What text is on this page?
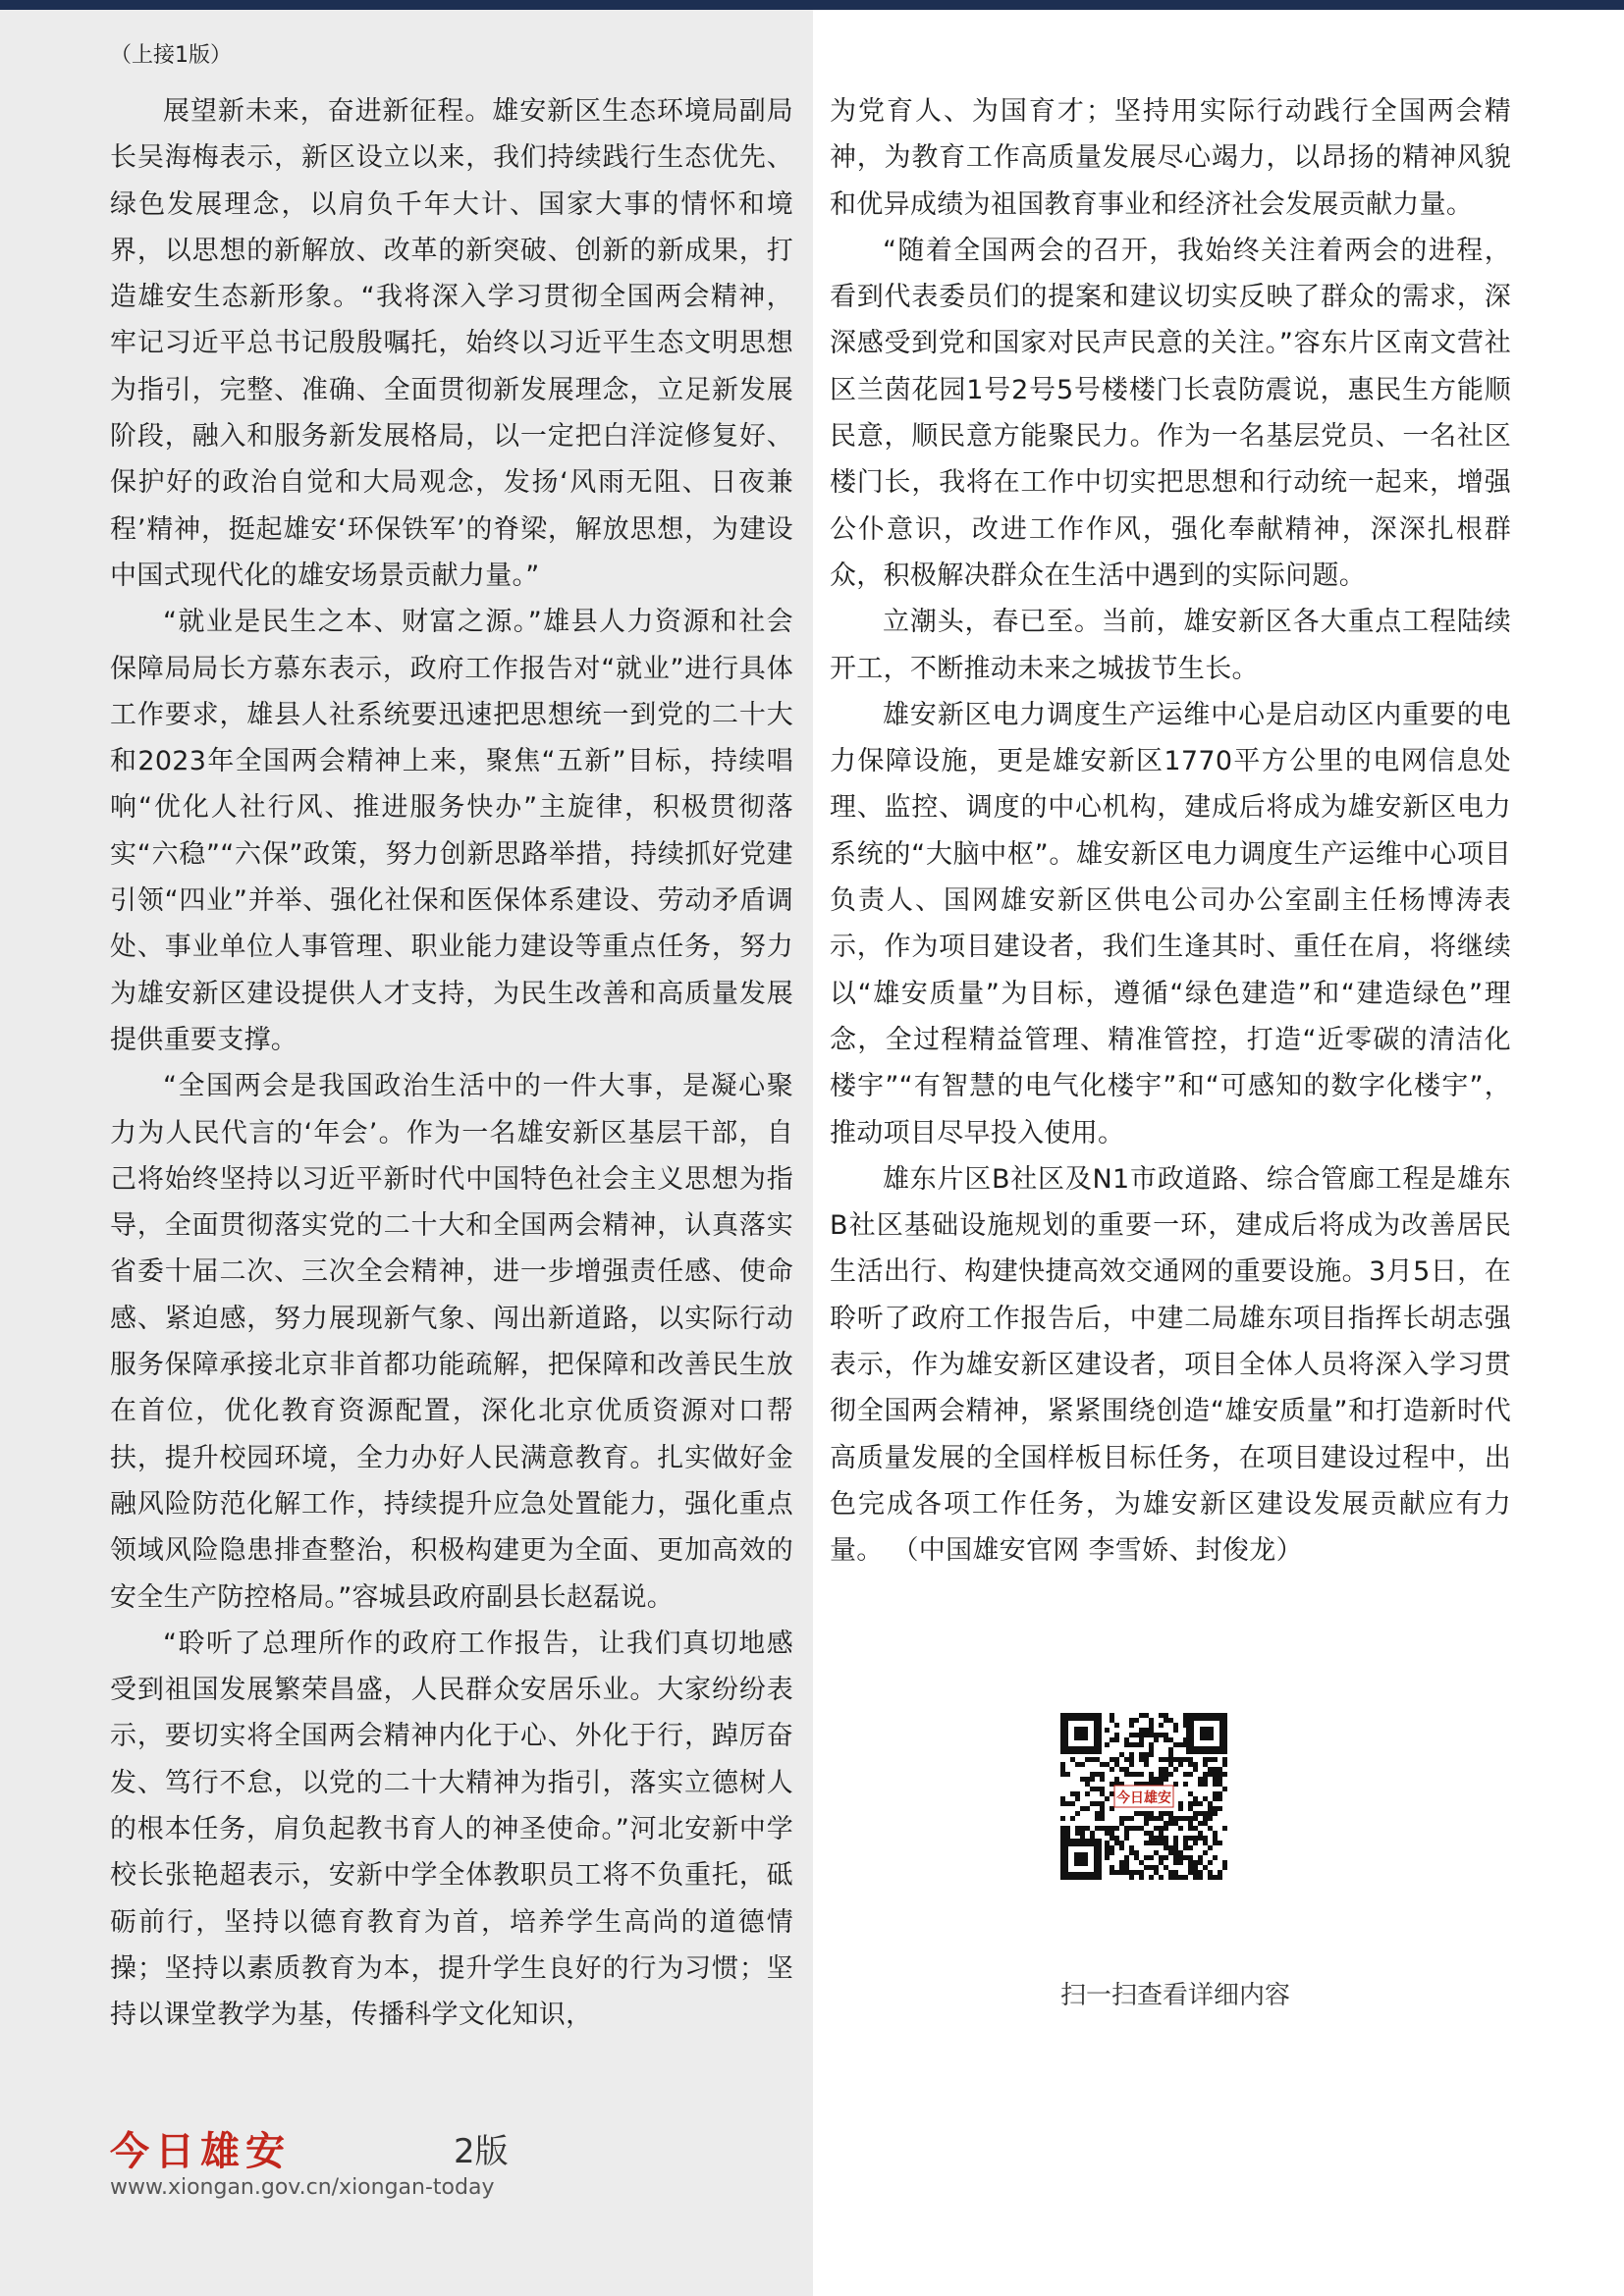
（上接1版）

展望新未来，奋进新征程。雄安新区生态环境局副局长吴海梅表示，新区设立以来，我们持续践行生态优先、绿色发展理念，以肩负千年大计、国家大事的情怀和境界，以思想的新解放、改革的新突破、创新的新成果，打造雄安生态新形象。“我将深入学习贯彻全国两会精神，牢记习近平总书记殷殷嘱托，始终以习近平生态文明思想为指引，完整、准确、全面贯彻新发展理念，立足新发展阶段，融入和服务新发展格局，以一定把白洋淀修复好、保护好的政治自觉和大局观念，发扬‘风雨无阻、日夜兼程’精神，挺起雄安‘环保铁军’的脊梁，解放思想，为建设中国式现代化的雄安场景贡献力量。”

“就业是民生之本、财富之源。”雄县人力资源和社会保障局局长方慕东表示，政府工作报告对“就业”进行具体工作要求，雄县人社系统要迅速把思想统一到党的二十大和2023年全国两会精神上来，聚焦“五新”目标，持续唱响“优化人社行风、推进服务快办”主旋律，积极贯彻落实“六稳”“六保”政策，努力创新思路举措，持续抓好党建引领“四业”并举、强化社保和医保体系建设、劳动矛盾调处、事业单位人事管理、职业能力建设等重点任务，努力为雄安新区建设提供人才支持，为民生改善和高质量发展提供重要支撑。

“全国两会是我国政治生活中的一件大事，是凝心聚力为人民代言的‘年会’。作为一名雄安新区基层干部，自己将始终坚持以习近平新时代中国特色社会主义思想为指导，全面贯彻落实党的二十大和全国两会精神，认真落实省委十届二次、三次全会精神，进一步增强责任感、使命感、紧迫感，努力展现新气象、闯出新道路，以实际行动服务保障承接北京非首都功能疏解，把保障和改善民生放在首位，优化教育资源配置，深化北京优质资源对口帮扶，提升校园环境，全力办好人民满意教育。扎实做好金融风险防范化解工作，持续提升应急处置能力，强化重点领域风险隐患排查整治，积极构建更为全面、更加高效的安全生产防控格局。”容城县政府副县长赵磊说。

“聆听了总理所作的政府工作报告，让我们真切地感受到祖国发展繁荣昌盛，人民群众安居乐业。大家纷纷表示，要切实将全国两会精神内化于心、外化于行，踔厉奋发、笃行不怠，以党的二十大精神为指引，落实立德树人的根本任务，肩负起教书育人的神圣使命。”河北安新中学校长张艳超表示，安新中学全体教职员工将不负重托，砥砺前行，坚持以德育教育为首，培养学生高尚的道德情操；坚持以素质教育为本，提升学生良好的行为习惯；坚持以课堂教学为基，传播科学文化知识，

为党育人、为国育才；坚持用实际行动践行全国两会精神，为教育工作高质量发展尽心竭力，以昂扬的精神风貌和优异成绩为祖国教育事业和经济社会发展贡献力量。

“随着全国两会的召开，我始终关注着两会的进程，看到代表委员们的提案和建议切实反映了群众的需求，深深感受到党和国家对民声民意的关注。”容东片区南文营社区兰茵花园1号2号5号楼楼门长袁防震说，惠民生方能顺民意，顺民意方能聚民力。作为一名基层党员、一名社区楼门长，我将在工作中切实把思想和行动统一起来，增强公仆意识，改进工作作风，强化奉献精神，深深扎根群众，积极解决群众在生活中遇到的实际问题。

立潮头，春已至。当前，雄安新区各大重点工程陆续开工，不断推动未来之城拔节生长。

雄安新区电力调度生产运维中心是启动区内重要的电力保障设施，更是雄安新区1770平方公里的电网信息处理、监控、调度的中心机构，建成后将成为雄安新区电力系统的“大脑中枢”。雄安新区电力调度生产运维中心项目负责人、国网雄安新区供电公司办公室副主任杨博涛表示，作为项目建设者，我们生逢其时、重任在肩，将继续以“雄安质量”为目标，遵循“绿色建造”和“建造绿色”理念，全过程精益管理、精准管控，打造“近零碳的清洁化楼宇”“有智慧的电气化楼宇”和“可感知的数字化楼宇”，推动项目尽早投入使用。

雄东片区B社区及N1市政道路、综合管廊工程是雄东B社区基础设施规划的重要一环，建成后将成为改善居民生活出行、构建快捷高效交通网的重要设施。3月5日，在聆听了政府工作报告后，中建二局雄东项目指挥长胡志强表示，作为雄安新区建设者，项目全体人员将深入学习贯彻全国两会精神，紧紧围绕创造“雄安质量”和打造新时代高质量发展的全国样板目标任务，在项目建设过程中，出色完成各项工作任务，为雄安新区建设发展贡献应有力量。 （中国雄安官网 李雪娇、封俊龙）

今日雄安
扫一扫查看详细内容
今日雄安	2版
www.xiongan.gov.cn/xiongan-today
